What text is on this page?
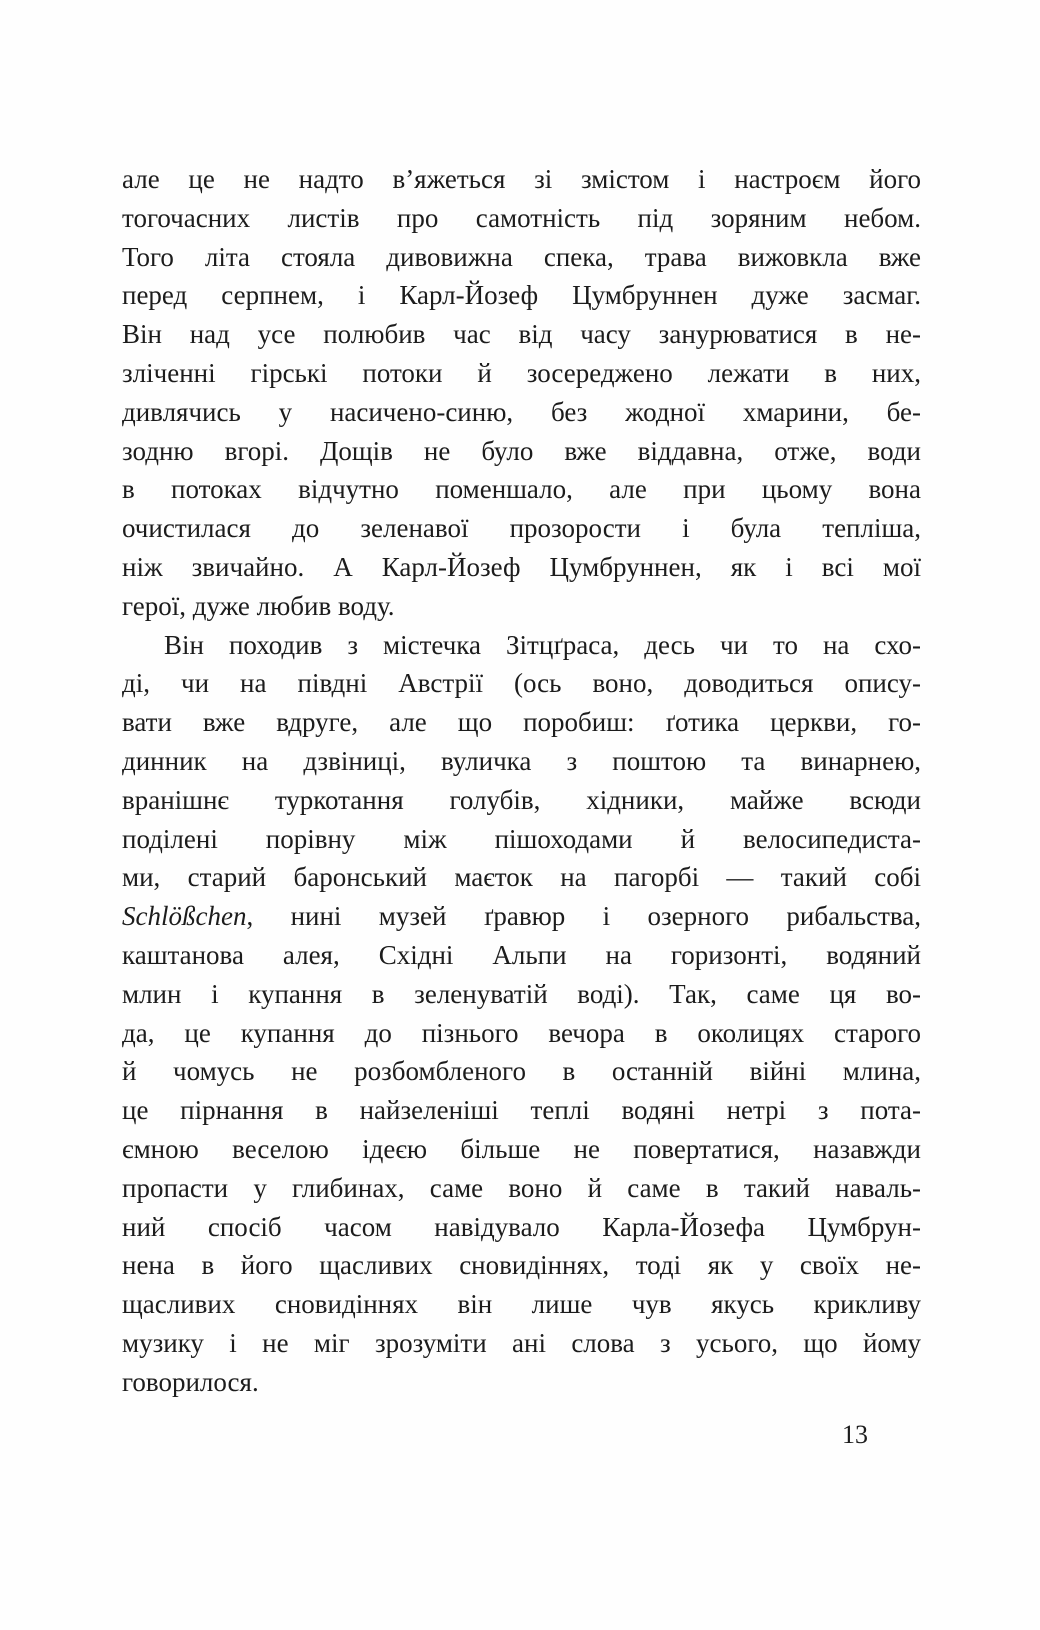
але це не надто в’яжеться зі змістом і настроєм його
тогочасних листів про самотність під зоряним небом.
Того літа стояла дивовижна спека, трава вижовкла вже
перед серпнем, і Карл-Йозеф Цумбруннен дуже засмаг.
Він над усе полюбив час від часу занурюватися в не-
зліченні гірські потоки й зосереджено лежати в них,
дивлячись у насичено-синю, без жодної хмарини, бе-
зодню вгорі. Дощів не було вже віддавна, отже, води
в потоках відчутно поменшало, але при цьому вона
очистилася до зеленавої прозорости і була тепліша,
ніж звичайно. А Карл-Йозеф Цумбруннен, як і всі мої
герої, дуже любив воду.
Він походив з містечка Зітцґраса, десь чи то на схо-
ді, чи на півдні Австрії (ось воно, доводиться опису-
вати вже вдруге, але що поробиш: ґотика церкви, го-
динник на дзвіниці, вуличка з поштою та винарнею,
вранішнє туркотання голубів, хідники, майже всюди
поділені порівну між пішоходами й велосипедиста-
ми, старий баронський маєток на пагорбі — такий собі
Schlößchen, нині музей ґравюр і озерного рибальства,
каштанова алея, Східні Альпи на горизонті, водяний
млин і купання в зеленуватій воді). Так, саме ця во-
да, це купання до пізнього вечора в околицях старого
й чомусь не розбомбленого в останній війні млина,
це пірнання в найзеленіші теплі водяні нетрі з пота-
ємною веселою ідеєю більше не повертатися, назавжди
пропасти у глибинах, саме воно й саме в такий наваль-
ний спосіб часом навідувало Карла-Йозефа Цумбрун-
нена в його щасливих сновидіннях, тоді як у своїх не-
щасливих сновидіннях він лише чув якусь крикливу
музику і не міг зрозуміти ані слова з усього, що йому
говорилося.
13
